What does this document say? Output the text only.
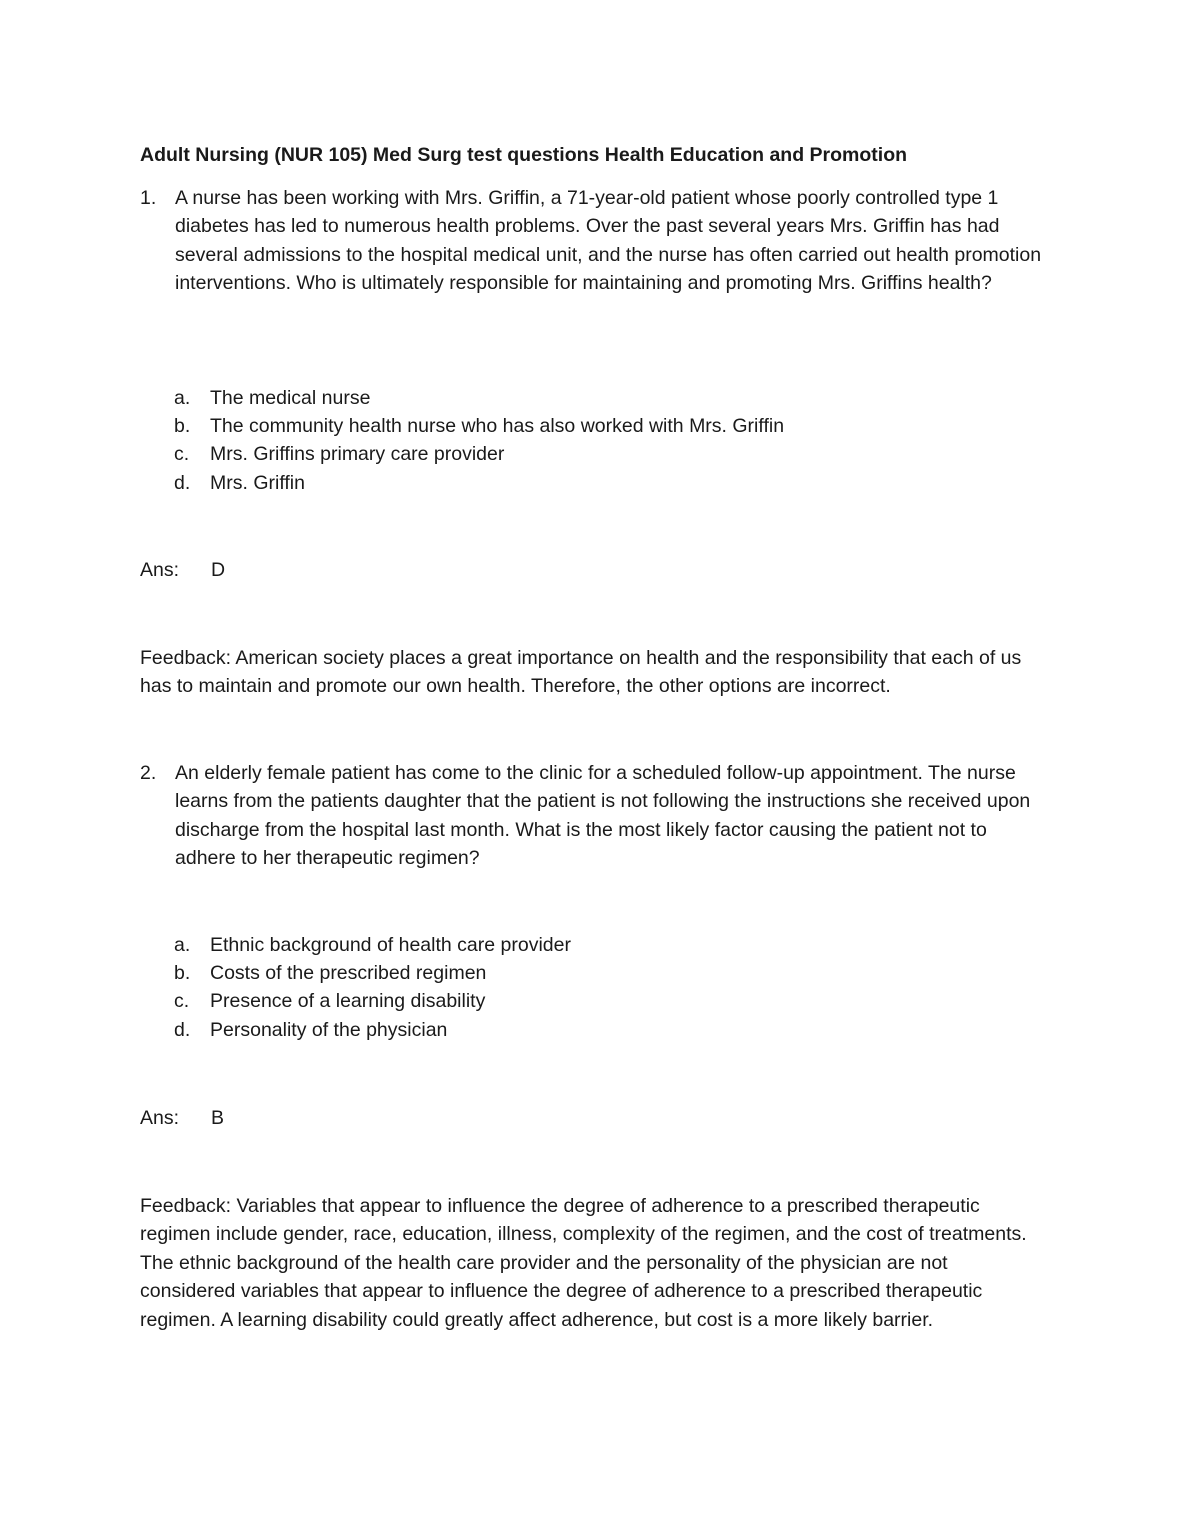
Adult Nursing (NUR 105) Med Surg test questions Health Education and Promotion
1. A nurse has been working with Mrs. Griffin, a 71-year-old patient whose poorly controlled type 1 diabetes has led to numerous health problems. Over the past several years Mrs. Griffin has had several admissions to the hospital medical unit, and the nurse has often carried out health promotion interventions. Who is ultimately responsible for maintaining and promoting Mrs. Griffins health?
a. The medical nurse
b. The community health nurse who has also worked with Mrs. Griffin
c. Mrs. Griffins primary care provider
d. Mrs. Griffin
Ans: D
Feedback: American society places a great importance on health and the responsibility that each of us has to maintain and promote our own health. Therefore, the other options are incorrect.
2. An elderly female patient has come to the clinic for a scheduled follow-up appointment. The nurse learns from the patients daughter that the patient is not following the instructions she received upon discharge from the hospital last month. What is the most likely factor causing the patient not to adhere to her therapeutic regimen?
a. Ethnic background of health care provider
b. Costs of the prescribed regimen
c. Presence of a learning disability
d. Personality of the physician
Ans: B
Feedback: Variables that appear to influence the degree of adherence to a prescribed therapeutic regimen include gender, race, education, illness, complexity of the regimen, and the cost of treatments. The ethnic background of the health care provider and the personality of the physician are not considered variables that appear to influence the degree of adherence to a prescribed therapeutic regimen. A learning disability could greatly affect adherence, but cost is a more likely barrier.
